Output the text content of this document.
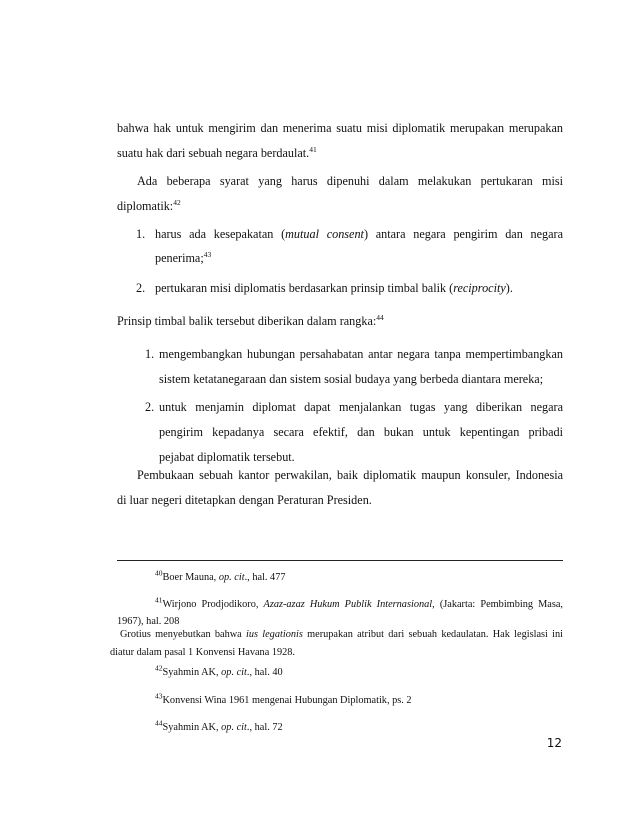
bahwa hak untuk mengirim dan menerima suatu misi diplomatik merupakan merupakan
suatu hak dari sebuah negara berdaulat.$^{41}$
Ada beberapa syarat yang harus dipenuhi dalam melakukan pertukaran misi
diplomatik:$^{42}$
1. harus ada kesepakatan (mutual consent) antara negara pengirim dan negara
penerima;$^{43}$
2. pertukaran misi diplomatis berdasarkan prinsip timbal balik (reciprocity).
Prinsip timbal balik tersebut diberikan dalam rangka:$^{44}$
1. mengembangkan hubungan persahabatan antar negara tanpa mempertimbangkan
sistem ketatanegaraan dan sistem sosial budaya yang berbeda diantara mereka;
2. untuk menjamin diplomat dapat menjalankan tugas yang diberikan negara
pengirim kepadanya secara efektif, dan bukan untuk kepentingan pribadi
pejabat diplomatik tersebut.
Pembukaan sebuah kantor perwakilan, baik diplomatik maupun konsuler, Indonesia
di luar negeri ditetapkan dengan Peraturan Presiden.
$^{40}$Boer Mauna, op. cit., hal. 477
$^{41}$Wirjono Prodjodikoro, Azaz-azaz Hukum Publik Internasional, (Jakarta: Pembimbing Masa,
1967), hal. 208
Grotius menyebutkan bahwa ius legationis merupakan atribut dari sebuah kedaulatan. Hak legislasi ini
diatur dalam pasal 1 Konvensi Havana 1928.
$^{42}$Syahmin AK, op. cit., hal. 40
$^{43}$Konvensi Wina 1961 mengenai Hubungan Diplomatik, ps. 2
$^{44}$Syahmin AK, op. cit., hal. 72
12
